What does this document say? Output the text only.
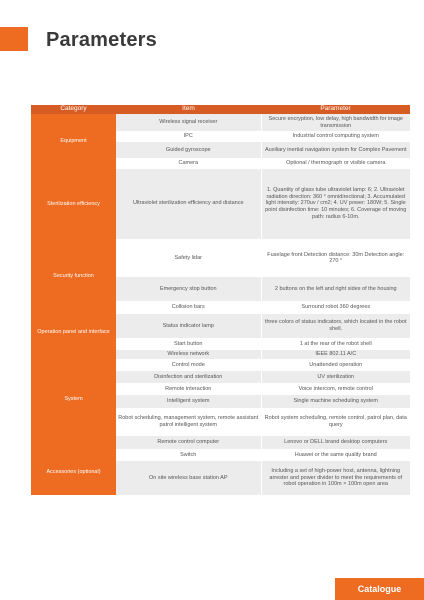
Parameters
Category	Item	Parameter
Equipment	Wireless signal receiver	Secure encryption, low delay, high bandwidth for image transmission
	IPC	Industrial control computing system
	Guided gyroscope	Auxiliary inertial navigation system for Complex Pavement
	Camera	Optional / thermograph or visible camera
Sterilization efficiency	Ultraviolet sterilization efficiency and distance	1. Quantity of glass tube ultraviolet lamp: 6; 2. Ultraviolet radiation direction: 360 ° omnidirectional; 3. Accumulated light intensity: 270uv / cm2; 4. UV power: 180W; 5. Single point disinfection time: 10 minutes; 6. Coverage of moving path: radius 6-10m.
Security function	Safety lidar	Fuselage front Detection distance: 30m Detection angle: 270 °
	Emergency stop button	2 buttons on the left and right sides of the housing
	Collision bars	Surround robot 360 degrees
Operation panel and interface	Status indicator lamp	three colors of status indicators, which located in the robot shell.
	Start button	1 at the rear of the robot shell
System	Wireless network	IEEE 802.11 A/C
	Control mode	Unattended operation
	Disinfection and sterilization	UV sterilization
	Remote interaction	Voice intercom, remote control
	Intelligent system	Single machine scheduling system
	Robot scheduling, management system, remote assistant patrol intelligent system	Robot system scheduling, remote control, patrol plan, data query
	Remote control computer	Lenovo or DELL brand desktop computers
Accessories (optional)	Switch	Huawei or the same quality brand
	On site wireless base station AP	Including a set of high-power host, antenna, lightning arrester and power divider to meet the requirements of robot operation in 100m × 100m open area
Catalogue
